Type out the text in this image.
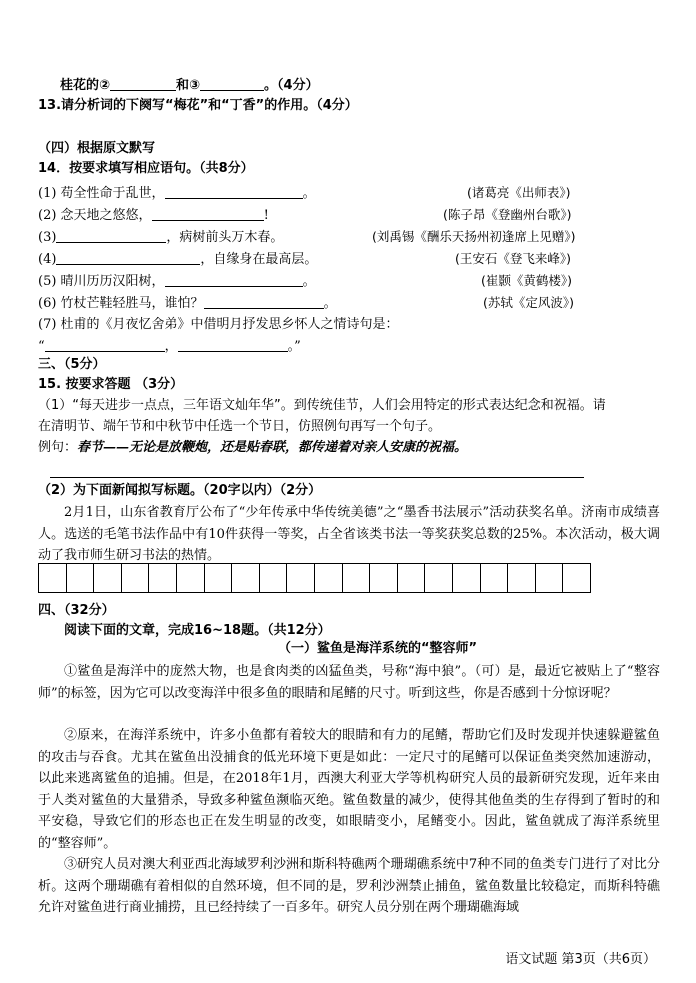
桂花的②	和③	。（4分）
13.请分析词的下阕写“梅花”和“丁香”的作用。（4分）
（四）根据原文默写
14．按要求填写相应语句。（共8分）
(1) 苟全性命于乱世，	。	(诸葛亮《出师表》)
(2) 念天地之悠悠，	!	(陈子昂《登幽州台歌》)
(3)	，病树前头万木春。	(刘禹锡《酬乐天扬州初逢席上见赠》)
(4)	，自缘身在最高层。	(王安石《登飞来峰》)
(5) 晴川历历汉阳树，	。	(崔颢《黄鹤楼》)
(6) 竹杖芒鞋轻胜马，谁怕？	。	(苏轼《定风波》)
(7) 杜甫的《月夜忆舍弟》中借明月抒发思乡怀人之情诗句是：
“	，	。”
三、（5分）
15. 按要求答题 （3分）
（1）“每天进步一点点，三年语文灿年华”。到传统佳节，人们会用特定的形式表达纪念和祝福。请
在清明节、端午节和中秋节中任选一个节日，仿照例句再写一个句子。
例句：春节——无论是放鞭炮，还是贴春联，都传递着对亲人安康的祝福。
（2）为下面新闻拟写标题。（20字以内）（2分）
2月1日，山东省教育厅公布了“少年传承中华传统美德”之“墨香书法展示”活动获奖名单。济南市成绩喜人。选送的毛笔书法作品中有10件获得一等奖，占全省该类书法一等奖获奖总数的25%。本次活动，极大调动了我市师生研习书法的热情。
四、（32分）
阅读下面的文章，完成16~18题。（共12分）
（一）鲨鱼是海洋系统的“整容师”
①鲨鱼是海洋中的庞然大物，也是食肉类的凶猛鱼类，号称“海中狼”。（可）是，最近它被贴上了“整容师”的标签，因为它可以改变海洋中很多鱼的眼睛和尾鳍的尺寸。听到这些，你是否感到十分惊讶呢？
②原来，在海洋系统中，许多小鱼都有着较大的眼睛和有力的尾鳍，帮助它们及时发现并快速躲避鲨鱼的攻击与吞食。尤其在鲨鱼出没捕食的低光环境下更是如此：一定尺寸的尾鳍可以保证鱼类突然加速游动，以此来逃离鲨鱼的追捕。但是，在2018年1月，西澳大利亚大学等机构研究人员的最新研究发现，近年来由于人类对鲨鱼的大量猎杀，导致多种鲨鱼濒临灭绝。鲨鱼数量的减少，使得其他鱼类的生存得到了暂时的和平安稳，导致它们的形态也正在发生明显的改变，如眼睛变小，尾鳍变小。因此，鲨鱼就成了海洋系统里的“整容师”。
③研究人员对澳大利亚西北海域罗利沙洲和斯科特礁两个珊瑚礁系统中7种不同的鱼类专门进行了对比分析。这两个珊瑚礁有着相似的自然环境，但不同的是，罗利沙洲禁止捕鱼，鲨鱼数量比较稳定，而斯科特礁允许对鲨鱼进行商业捕捞，且已经持续了一百多年。研究人员分别在两个珊瑚礁海域
语文试题 第3页（共6页）
